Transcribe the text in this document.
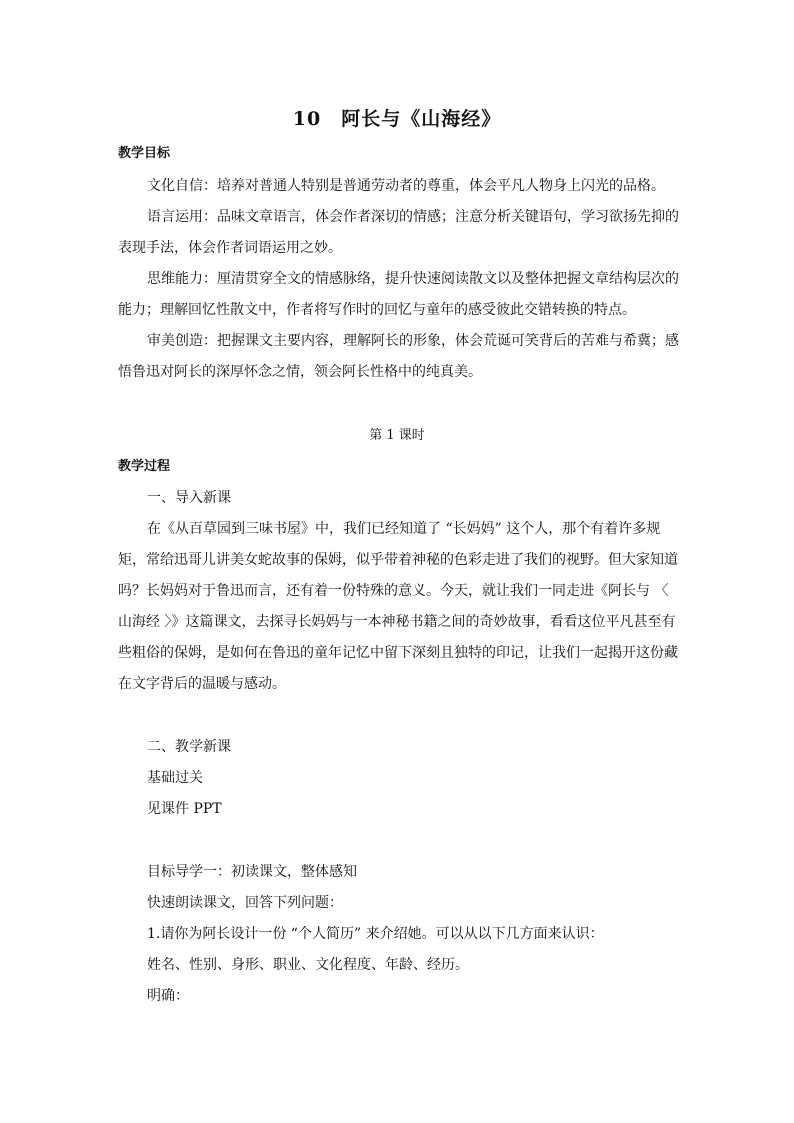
10　阿长与《山海经》
教学目标
文化自信：培养对普通人特别是普通劳动者的尊重，体会平凡人物身上闪光的品格。
语言运用：品味文章语言，体会作者深切的情感；注意分析关键语句，学习欲扬先抑的
表现手法，体会作者词语运用之妙。
思维能力：厘清贯穿全文的情感脉络，提升快速阅读散文以及整体把握文章结构层次的
能力；理解回忆性散文中，作者将写作时的回忆与童年的感受彼此交错转换的特点。
审美创造：把握课文主要内容，理解阿长的形象，体会荒诞可笑背后的苦难与希冀；感
悟鲁迅对阿长的深厚怀念之情，领会阿长性格中的纯真美。
第 1 课时
教学过程
一、导入新课
在《从百草园到三味书屋》中，我们已经知道了 “长妈妈” 这个人，那个有着许多规
矩，常给迅哥儿讲美女蛇故事的保姆，似乎带着神秘的色彩走进了我们的视野。但大家知道
吗？长妈妈对于鲁迅而言，还有着一份特殊的意义。今天，就让我们一同走进《阿长与 〈
山海经 〉》这篇课文，去探寻长妈妈与一本神秘书籍之间的奇妙故事，看看这位平凡甚至有
些粗俗的保姆，是如何在鲁迅的童年记忆中留下深刻且独特的印记，让我们一起揭开这份藏
在文字背后的温暖与感动。
二、教学新课
基础过关
见课件 PPT
目标导学一：初读课文，整体感知
快速朗读课文，回答下列问题：
1.请你为阿长设计一份 “个人简历” 来介绍她。可以从以下几方面来认识：
姓名、性别、身形、职业、文化程度、年龄、经历。
明确：
